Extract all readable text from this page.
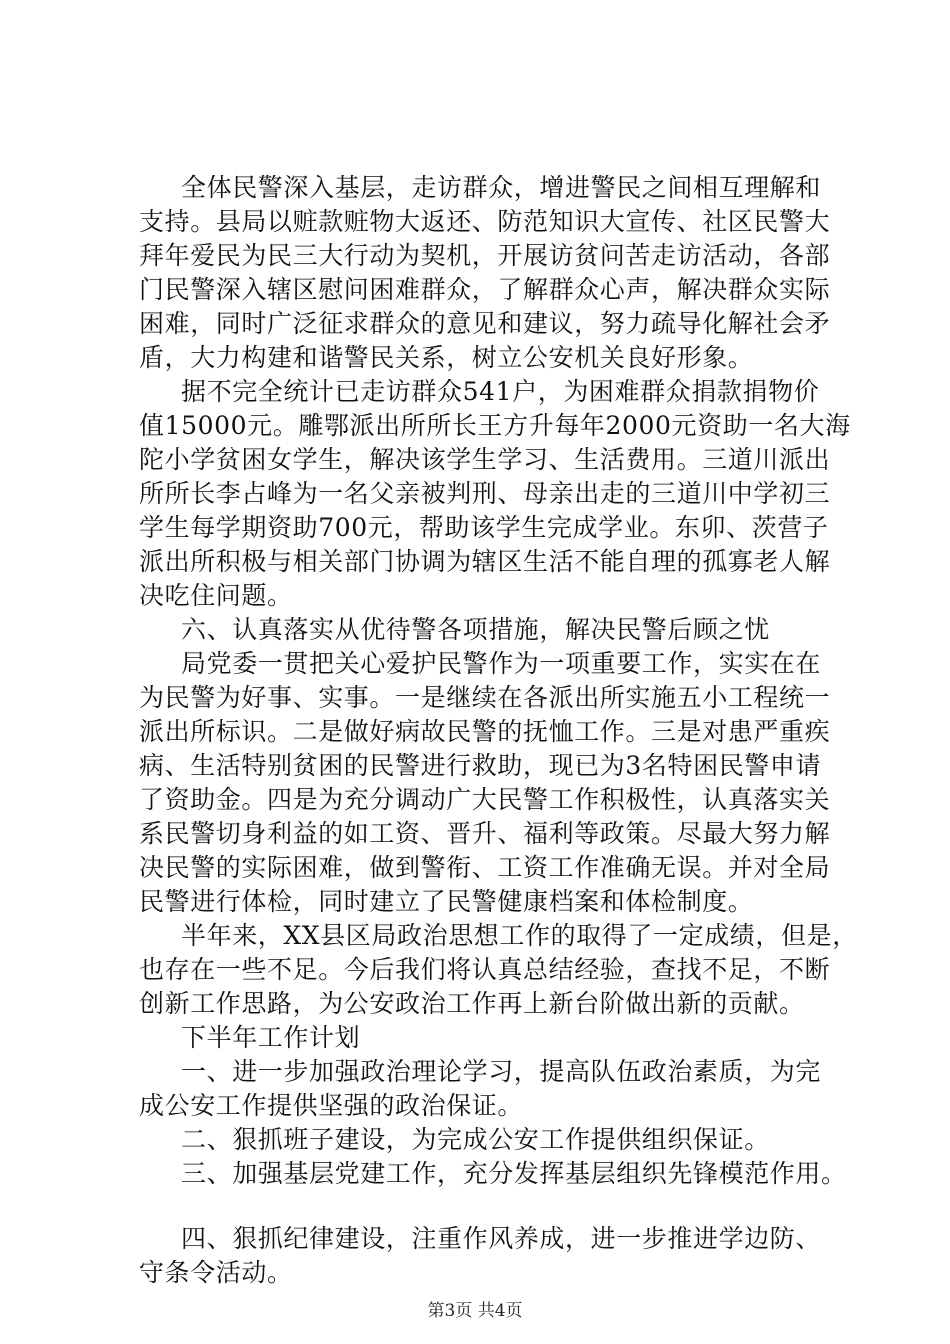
全体民警深入基层，走访群众，增进警民之间相互理解和
支持。县局以赃款赃物大返还、防范知识大宣传、社区民警大
拜年爱民为民三大行动为契机，开展访贫问苦走访活动，各部
门民警深入辖区慰问困难群众，了解群众心声，解决群众实际
困难，同时广泛征求群众的意见和建议，努力疏导化解社会矛
盾，大力构建和谐警民关系，树立公安机关良好形象。
据不完全统计已走访群众541户，为困难群众捐款捐物价
值15000元。雕鄂派出所所长王方升每年2000元资助一名大海
陀小学贫困女学生，解决该学生学习、生活费用。三道川派出
所所长李占峰为一名父亲被判刑、母亲出走的三道川中学初三
学生每学期资助700元，帮助该学生完成学业。东卯、茨营子
派出所积极与相关部门协调为辖区生活不能自理的孤寡老人解
决吃住问题。
六、认真落实从优待警各项措施，解决民警后顾之忧
局党委一贯把关心爱护民警作为一项重要工作，实实在在
为民警为好事、实事。一是继续在各派出所实施五小工程统一
派出所标识。二是做好病故民警的抚恤工作。三是对患严重疾
病、生活特别贫困的民警进行救助，现已为3名特困民警申请
了资助金。四是为充分调动广大民警工作积极性，认真落实关
系民警切身利益的如工资、晋升、福利等政策。尽最大努力解
决民警的实际困难，做到警衔、工资工作准确无误。并对全局
民警进行体检，同时建立了民警健康档案和体检制度。
半年来，XX县区局政治思想工作的取得了一定成绩，但是，
也存在一些不足。今后我们将认真总结经验，查找不足，不断
创新工作思路，为公安政治工作再上新台阶做出新的贡献。
下半年工作计划
一、进一步加强政治理论学习，提高队伍政治素质，为完
成公安工作提供坚强的政治保证。
二、狠抓班子建设，为完成公安工作提供组织保证。
三、加强基层党建工作，充分发挥基层组织先锋模范作用。
四、狠抓纪律建设，注重作风养成，进一步推进学边防、
守条令活动。
第3页 共4页
